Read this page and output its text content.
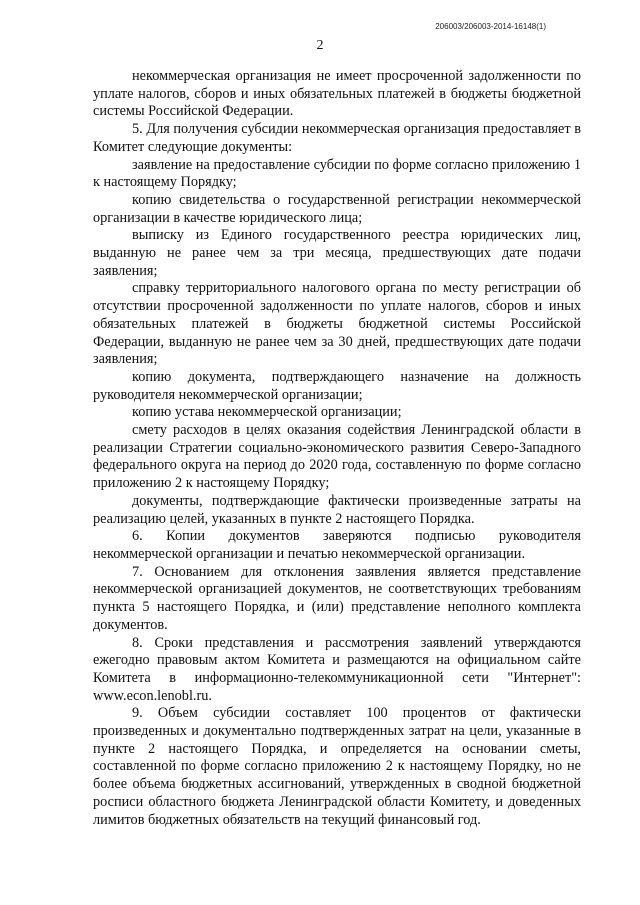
206003/206003-2014-16148(1)
2

некоммерческая организация не имеет просроченной задолженности по уплате налогов, сборов и иных обязательных платежей в бюджеты бюджетной системы Российской Федерации.

5. Для получения субсидии некоммерческая организация предоставляет в Комитет следующие документы:

заявление на предоставление субсидии по форме согласно приложению 1 к настоящему Порядку;

копию свидетельства о государственной регистрации некоммерческой организации в качестве юридического лица;

выписку из Единого государственного реестра юридических лиц, выданную не ранее чем за три месяца, предшествующих дате подачи заявления;

справку территориального налогового органа по месту регистрации об отсутствии просроченной задолженности по уплате налогов, сборов и иных обязательных платежей в бюджеты бюджетной системы Российской Федерации, выданную не ранее чем за 30 дней, предшествующих дате подачи заявления;

копию документа, подтверждающего назначение на должность руководителя некоммерческой организации;

копию устава некоммерческой организации;

смету расходов в целях оказания содействия Ленинградской области в реализации Стратегии социально-экономического развития Северо-Западного федерального округа на период до 2020 года, составленную по форме согласно приложению 2 к настоящему Порядку;

документы, подтверждающие фактически произведенные затраты на реализацию целей, указанных в пункте 2 настоящего Порядка.

6. Копии документов заверяются подписью руководителя некоммерческой организации и печатью некоммерческой организации.

7. Основанием для отклонения заявления является представление некоммерческой организацией документов, не соответствующих требованиям пункта 5 настоящего Порядка, и (или) представление неполного комплекта документов.

8. Сроки представления и рассмотрения заявлений утверждаются ежегодно правовым актом Комитета и размещаются на официальном сайте Комитета в информационно-телекоммуникационной сети "Интернет": www.econ.lenobl.ru.

9. Объем субсидии составляет 100 процентов от фактически произведенных и документально подтвержденных затрат на цели, указанные в пункте 2 настоящего Порядка, и определяется на основании сметы, составленной по форме согласно приложению 2 к настоящему Порядку, но не более объема бюджетных ассигнований, утвержденных в сводной бюджетной росписи областного бюджета Ленинградской области Комитету, и доведенных лимитов бюджетных обязательств на текущий финансовый год.
